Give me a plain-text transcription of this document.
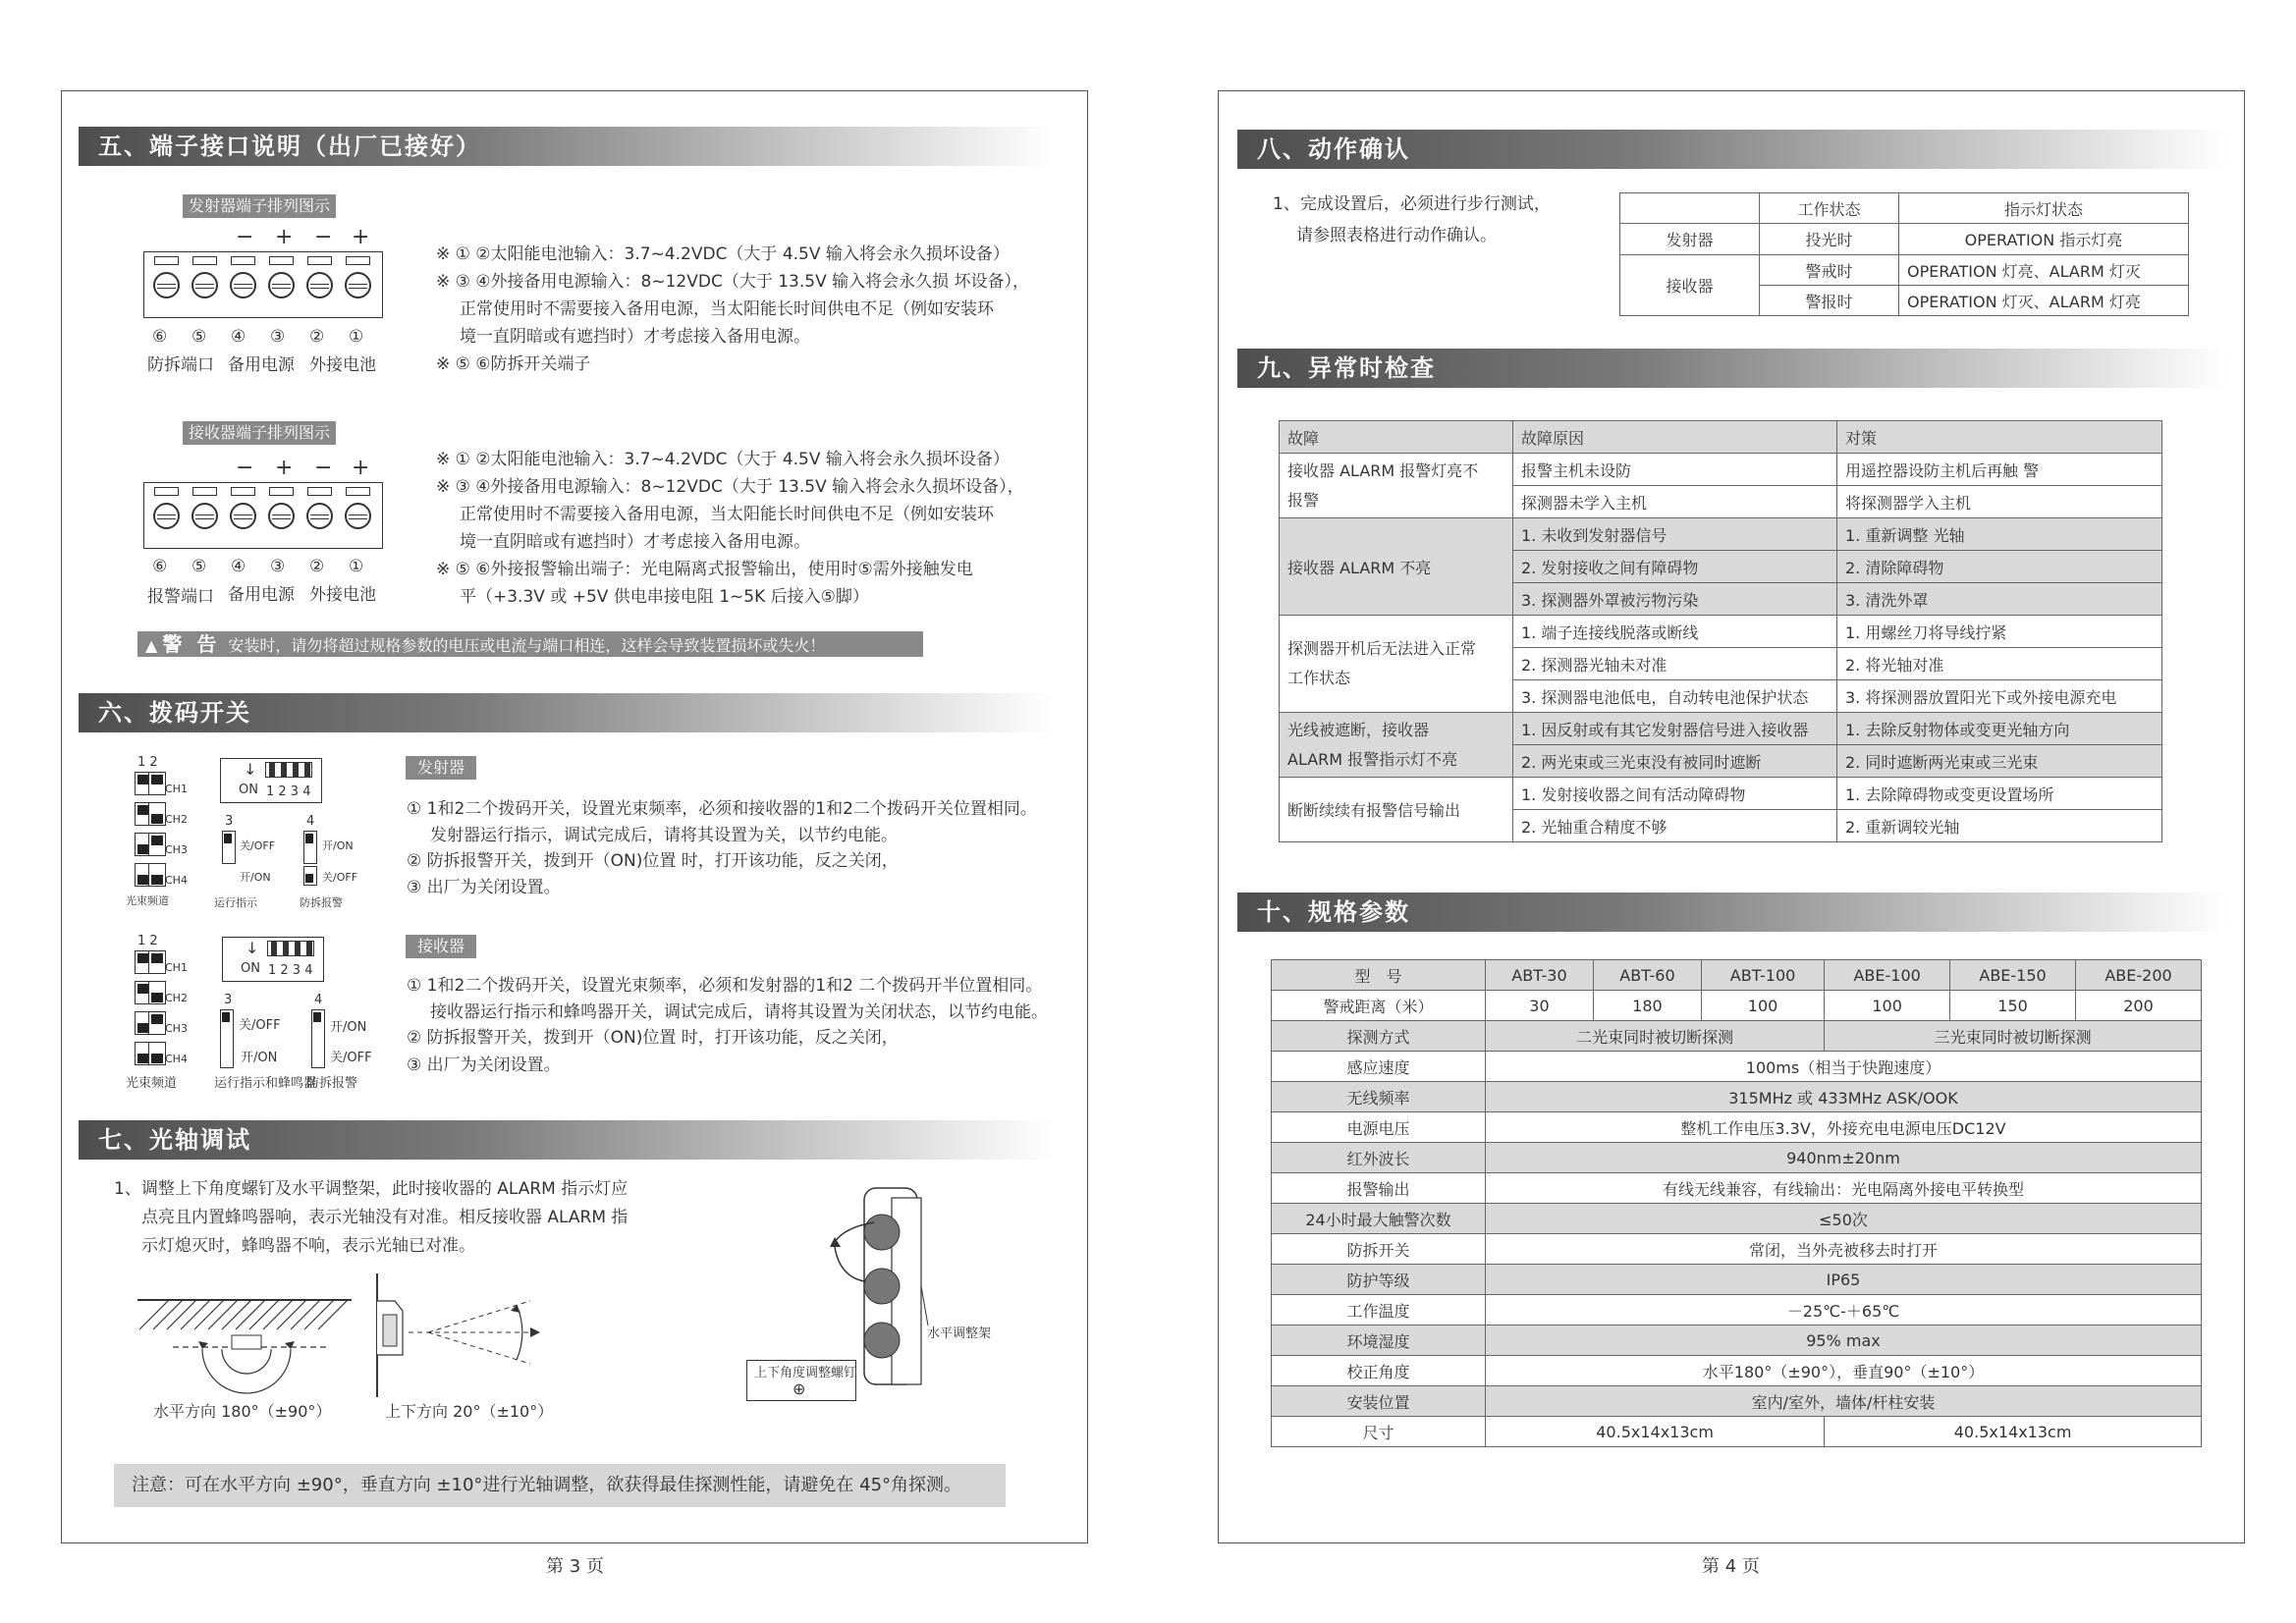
五、端子接口说明（出厂已接好）
发射器端子排列图示
− + − +
⑥ ⑤ ④ ③ ② ①
防拆端口 备用电源 外接电池
※ ① ②太阳能电池输入：3.7~4.2VDC（大于 4.5V 输入将会永久损坏设备）
※ ③ ④外接备用电源输入：8~12VDC（大于 13.5V 输入将会永久损 坏设备），
正常使用时不需要接入备用电源，当太阳能长时间供电不足（例如安装环
境一直阴暗或有遮挡时）才考虑接入备用电源。
※ ⑤ ⑥防拆开关端子
接收器端子排列图示
− + − +
⑥ ⑤ ④ ③ ② ①
报警端口 备用电源 外接电池
※ ① ②太阳能电池输入：3.7~4.2VDC（大于 4.5V 输入将会永久损坏设备）
※ ③ ④外接备用电源输入：8~12VDC（大于 13.5V 输入将会永久损坏设备），
正常使用时不需要接入备用电源，当太阳能长时间供电不足（例如安装环
境一直阴暗或有遮挡时）才考虑接入备用电源。
※ ⑤ ⑥外接报警输出端子：光电隔离式报警输出，使用时⑤需外接触发电
平（+3.3V 或 +5V 供电串接电阻 1~5K 后接入⑤脚）
▲ 警 告 安装时，请勿将超过规格参数的电压或电流与端口相连，这样会导致装置损坏或失火！
六、拨码开关
1 2
CH1
CH2
CH3
CH4
光束频道
↓
ON 1 2 3 4
3
关/OFF
开/ON
运行指示
4
开/ON
关/OFF
防拆报警
发射器
① 1和2二个拨码开关，设置光束频率，必须和接收器的1和2二个拨码开关位置相同。
发射器运行指示，调试完成后，请将其设置为关，以节约电能。
② 防拆报警开关，拨到开（ON)位置 时，打开该功能，反之关闭，
③ 出厂为关闭设置。
1 2
CH1
CH2
CH3
CH4
光束频道
↓
ON 1 2 3 4
3
关/OFF
开/ON
运行指示和蜂鸣器
4
开/ON
关/OFF
防拆报警
接收器
① 1和2二个拨码开关，设置光束频率，必须和发射器的1和2 二个拨码开半位置相同。
接收器运行指示和蜂鸣器开关，调试完成后，请将其设置为关闭状态，以节约电能。
② 防拆报警开关，拨到开（ON)位置 时，打开该功能，反之关闭，
③ 出厂为关闭设置。
七、光轴调试
1、调整上下角度螺钉及水平调整架，此时接收器的 ALARM 指示灯应
点亮且内置蜂鸣器响，表示光轴没有对准。相反接收器 ALARM 指
示灯熄灭时，蜂鸣器不响，表示光轴已对准。
水平方向 180°（±90°）	上下方向 20°（±10°）
水平调整架
上下角度调整螺钉
⊕
注意：可在水平方向 ±90°，垂直方向 ±10°进行光轴调整，欲获得最佳探测性能，请避免在 45°角探测。
第 3 页
八、动作确认
1、完成设置后，必须进行步行测试，
请参照表格进行动作确认。
	工作状态	指示灯状态
发射器	投光时	OPERATION 指示灯亮
接收器	警戒时	OPERATION 灯亮、ALARM 灯灭
	警报时	OPERATION 灯灭、ALARM 灯亮
九、异常时检查
故障	故障原因	对策

接收器 ALARM 报警灯亮不
报警	报警主机未设防	用遥控器设防主机后再触 警
	探测器未学入主机	将探测器学入主机
接收器 ALARM 不亮	1. 未收到发射器信号	1. 重新调整 光轴
	2. 发射接收之间有障碍物	2. 清除障碍物
	3. 探测器外罩被污物污染	3. 清洗外罩

探测器开机后无法进入正常
工作状态	1. 端子连接线脱落或断线	1. 用螺丝刀将导线拧紧
	2. 探测器光轴未对准	2. 将光轴对准
	3. 探测器电池低电，自动转电池保护状态	3. 将探测器放置阳光下或外接电源充电

光线被遮断，接收器
ALARM 报警指示灯不亮	1. 因反射或有其它发射器信号进入接收器	1. 去除反射物体或变更光轴方向
	2. 两光束或三光束没有被同时遮断	2. 同时遮断两光束或三光束
断断续续有报警信号输出	1. 发射接收器之间有活动障碍物	1. 去除障碍物或变更设置场所
	2. 光轴重合精度不够	2. 重新调较光轴
十、规格参数
型　号	ABT-30	ABT-60	ABT-100	ABE-100	ABE-150	ABE-200
警戒距离（米）	30	180	100	100	150	200
探测方式	二光束同时被切断探测			三光束同时被切断探测		
感应速度	100ms（相当于快跑速度）					
无线频率	315MHz 或 433MHz ASK/OOK					
电源电压	整机工作电压3.3V，外接充电电源电压DC12V					
红外波长	940nm±20nm					
报警输出	有线无线兼容，有线输出：光电隔离外接电平转换型					
24小时最大触警次数	≤50次					
防拆开关	常闭，当外壳被移去时打开					
防护等级	IP65					
工作温度	－25℃-＋65℃					
环境湿度	95% max					
校正角度	水平180°（±90°），垂直90°（±10°）					
安装位置	室内/室外，墙体/杆柱安装					
尺寸	40.5x14x13cm			40.5x14x13cm		
第 4 页
